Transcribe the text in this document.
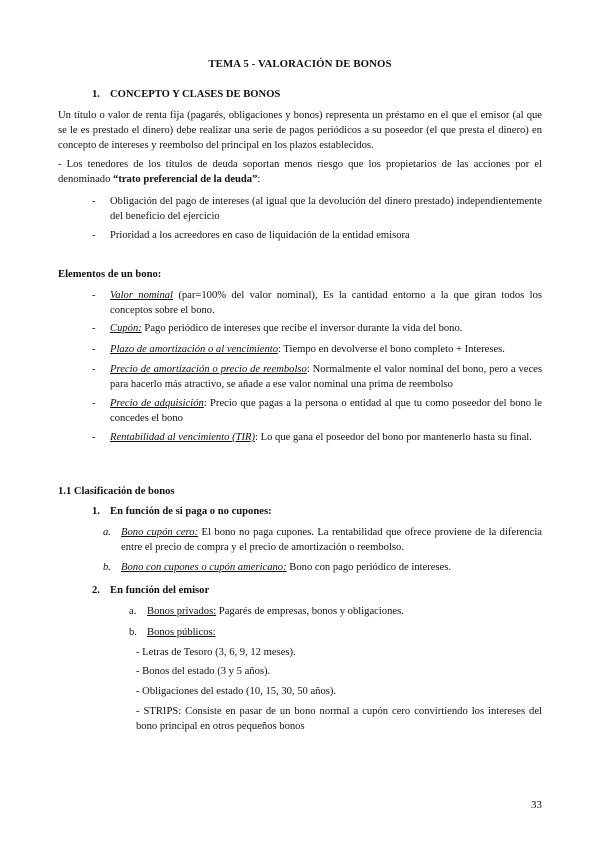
TEMA 5 - VALORACIÓN DE BONOS
1. CONCEPTO Y CLASES DE BONOS
Un título o valor de renta fija (pagarés, obligaciones y bonos) representa un préstamo en el que el emisor (al que se le es prestado el dinero) debe realizar una serie de pagos periódicos a su poseedor (el que presta el dinero) en concepto de intereses y reembolso del principal en los plazos establecidos.
- Los tenedores de los títulos de deuda soportan menos riesgo que los propietarios de las acciones por el denominado “trato preferencial de la deuda”:
- Obligación del pago de intereses (al igual que la devolución del dinero prestado) independientemente del beneficio del ejercicio
- Prioridad a los acreedores en caso de liquidación de la entidad emisora
Elementos de un bono:
- Valor nominal (par=100% del valor nominal), Es la cantidad entorno a la que giran todos los conceptos sobre el bono.
- Cupón: Pago periódico de intereses que recibe el inversor durante la vida del bono.
- Plazo de amortización o al vencimiento: Tiempo en devolverse el bono completo + Intereses.
- Precio de amortización o precio de reembolso: Normalmente el valor nominal del bono, pero a veces para hacerlo más atractivo, se añade a ese valor nominal una prima de reembolso
- Precio de adquisición: Precio que pagas a la persona o entidad al que tu como poseedor del bono le concedes el bono
- Rentabilidad al vencimiento (TIR): Lo que gana el poseedor del bono por mantenerlo hasta su final.
1.1 Clasificación de bonos
1. En función de si paga o no cupones:
a. Bono cupón cero: El bono no paga cupones. La rentabilidad que ofrece proviene de la diferencia entre el precio de compra y el precio de amortización o reembolso.
b. Bono con cupones o cupón americano: Bono con pago periódico de intereses.
2. En función del emisor
a. Bonos privados: Pagarés de empresas, bonos y obligaciones.
b. Bonos públicos:
- Letras de Tesoro (3, 6, 9, 12 meses).
- Bonos del estado (3 y 5 años).
- Obligaciones del estado (10, 15, 30, 50 años).
- STRIPS: Consiste en pasar de un bono normal a cupón cero convirtiendo los intereses del bono principal en otros pequeños bonos
33
